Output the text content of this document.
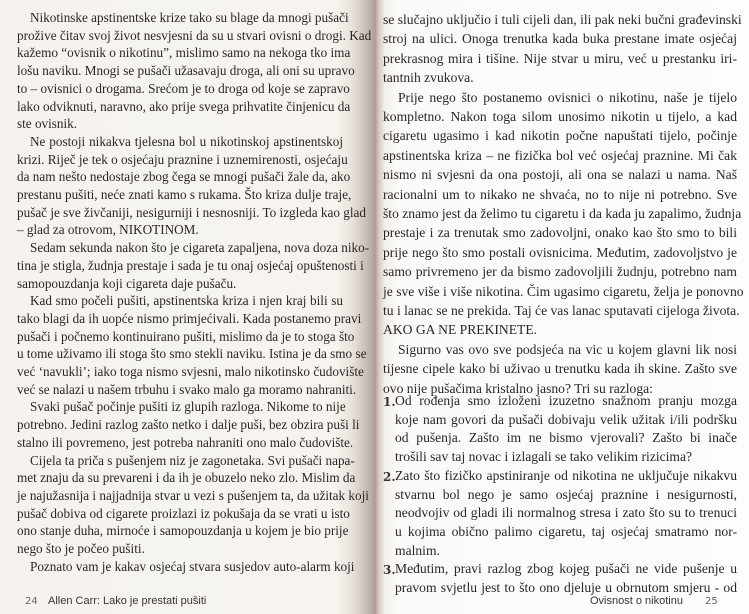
Nikotinske apstinentske krize tako su blage da mnogi pušači
prožive čitav svoj život nesvjesni da su u stvari ovisni o drogi. Kad
kažemo “ovisnik o nikotinu”, mislimo samo na nekoga tko ima
lošu naviku. Mnogi se pušači užasavaju droga, ali oni su upravo
to – ovisnici o drogama. Srećom je to droga od koje se zapravo
lako odviknuti, naravno, ako prije svega prihvatite činjenicu da
ste ovisnik.
Ne postoji nikakva tjelesna bol u nikotinskoj apstinentskoj
krizi. Riječ je tek o osjećaju praznine i uznemirenosti, osjećaju
da nam nešto nedostaje zbog čega se mnogi pušači žale da, ako
prestanu pušiti, neće znati kamo s rukama. Što kriza dulje traje,
pušač je sve živčaniji, nesigurniji i nesnosniji. To izgleda kao glad
– glad za otrovom, NIKOTINOM.
Sedam sekunda nakon što je cigareta zapaljena, nova doza niko-
tina je stigla, žudnja prestaje i sada je tu onaj osjećaj opuštenosti i
samopouzdanja koji cigareta daje pušaču.
Kad smo počeli pušiti, apstinentska kriza i njen kraj bili su
tako blagi da ih uopće nismo primjećivali. Kada postanemo pravi
pušači i počnemo kontinuirano pušiti, mislimo da je to stoga što
u tome uživamo ili stoga što smo stekli naviku. Istina je da smo se
već ‘navukli’; iako toga nismo svjesni, malo nikotinsko čudovište
već se nalazi u našem trbuhu i svako malo ga moramo nahraniti.
Svaki pušač počinje pušiti iz glupih razloga. Nikome to nije
potrebno. Jedini razlog zašto netko i dalje puši, bez obzira puši li
stalno ili povremeno, jest potreba nahraniti ono malo čudovište.
Cijela ta priča s pušenjem niz je zagonetaka. Svi pušači napa-
met znaju da su prevareni i da ih je obuzelo neko zlo. Mislim da
je najužasnija i najjadnija stvar u vezi s pušenjem ta, da užitak koji
pušač dobiva od cigarete proizlazi iz pokušaja da se vrati u isto
ono stanje duha, mirnoće i samopouzdanja u kojem je bio prije
nego što je počeo pušiti.
Poznato vam je kakav osjećaj stvara susjedov auto-alarm koji
24 Allen Carr: Lako je prestati pušiti
se slučajno uključio i tuli cijeli dan, ili pak neki bučni građevinski
stroj na ulici. Onoga trenutka kada buka prestane imate osjećaj
prekrasnog mira i tišine. Nije stvar u miru, već u prestanku iri-
tantnih zvukova.
Prije nego što postanemo ovisnici o nikotinu, naše je tijelo
kompletno. Nakon toga silom unosimo nikotin u tijelo, a kad
cigaretu ugasimo i kad nikotin počne napuštati tijelo, počinje
apstinentska kriza – ne fizička bol već osjećaj praznine. Mi čak
nismo ni svjesni da ona postoji, ali ona se nalazi u nama. Naš
racionalni um to nikako ne shvaća, no to nije ni potrebno. Sve
što znamo jest da želimo tu cigaretu i da kada ju zapalimo, žudnja
prestaje i za trenutak smo zadovoljni, onako kao što smo to bili
prije nego što smo postali ovisnicima. Međutim, zadovoljstvo je
samo privremeno jer da bismo zadovoljili žudnju, potrebno nam
je sve više i više nikotina. Čim ugasimo cigaretu, želja je ponovno
tu i lanac se ne prekida. Taj će vas lanac sputavati cijeloga života.
AKO GA NE PREKINETE.
Sigurno vas ovo sve podsjeća na vic u kojem glavni lik nosi
tijesne cipele kako bi uživao u trenutku kada ih skine. Zašto sve
ovo nije pušačima kristalno jasno? Tri su razloga:
1. Od rođenja smo izloženi izuzetno snažnom pranju mozga
koje nam govori da pušači dobivaju velik užitak i/ili podršku
od pušenja. Zašto im ne bismo vjerovali? Zašto bi inače
trošili sav taj novac i izlagali se tako velikim rizicima?
2. Zato što fizičko apstiniranje od nikotina ne uključuje nikakvu
stvarnu bol nego je samo osjećaj praznine i nesigurnosti,
neodvojiv od gladi ili normalnog stresa i zato što su to trenuci
u kojima obično palimo cigaretu, taj osjećaj smatramo nor-
malnim.
3. Međutim, pravi razlog zbog kojeg pušači ne vide pušenje u
pravom svjetlu jest to što ono djeluje u obrnutom smjeru - od
Ovisnost o nikotinu 25
